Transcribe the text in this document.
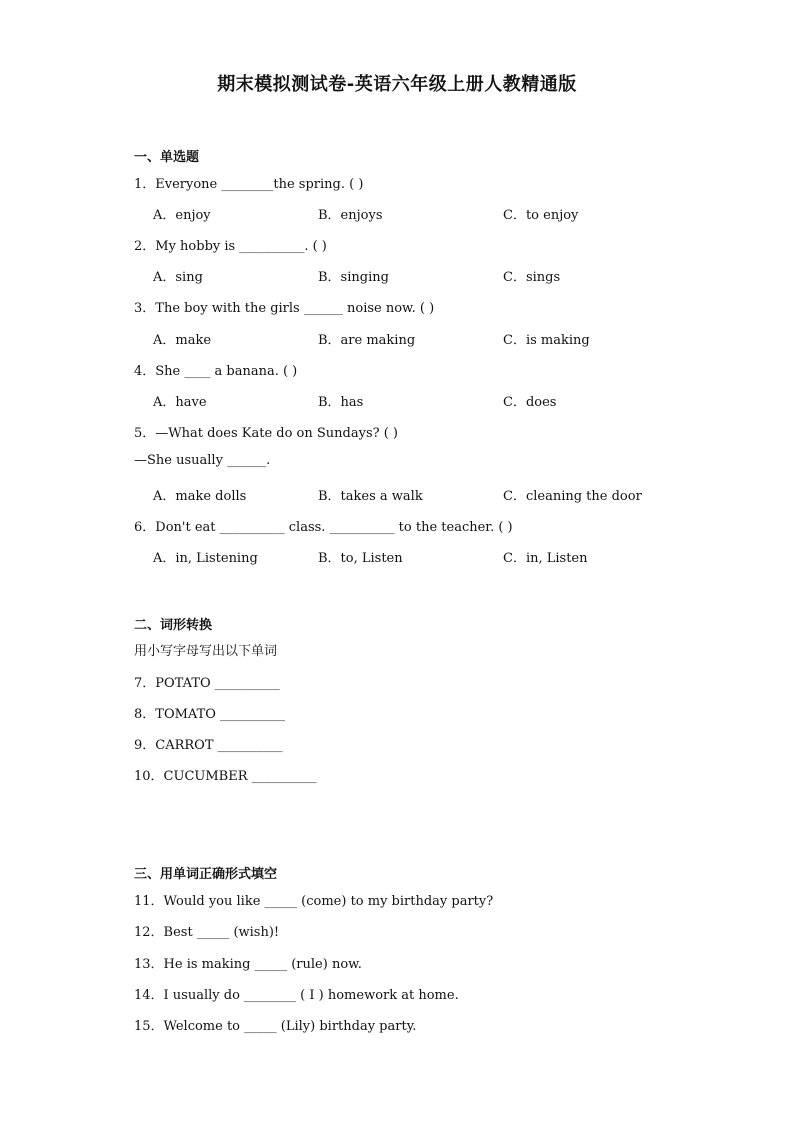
期末模拟测试卷-英语六年级上册人教精通版
一、单选题
1．Everyone ________the spring. ( )
A．enjoy	B．enjoys	C．to enjoy
2．My hobby is __________. ( )
A．sing	B．singing	C．sings
3．The boy with the girls ______ noise now. ( )
A．make	B．are making	C．is making
4．She ____ a banana. ( )
A．have	B．has	C．does
5．—What does Kate do on Sundays? ( )
—She usually ______.
A．make dolls	B．takes a walk	C．cleaning the door
6．Don't eat __________ class. __________ to the teacher. ( )
A．in, Listening	B．to, Listen	C．in, Listen
二、词形转换
用小写字母写出以下单词
7．POTATO __________
8．TOMATO __________
9．CARROT __________
10．CUCUMBER __________
三、用单词正确形式填空
11．Would you like _____ (come) to my birthday party?
12．Best _____ (wish)!
13．He is making _____ (rule) now.
14．I usually do ________ ( I ) homework at home.
15．Welcome to _____ (Lily) birthday party.
